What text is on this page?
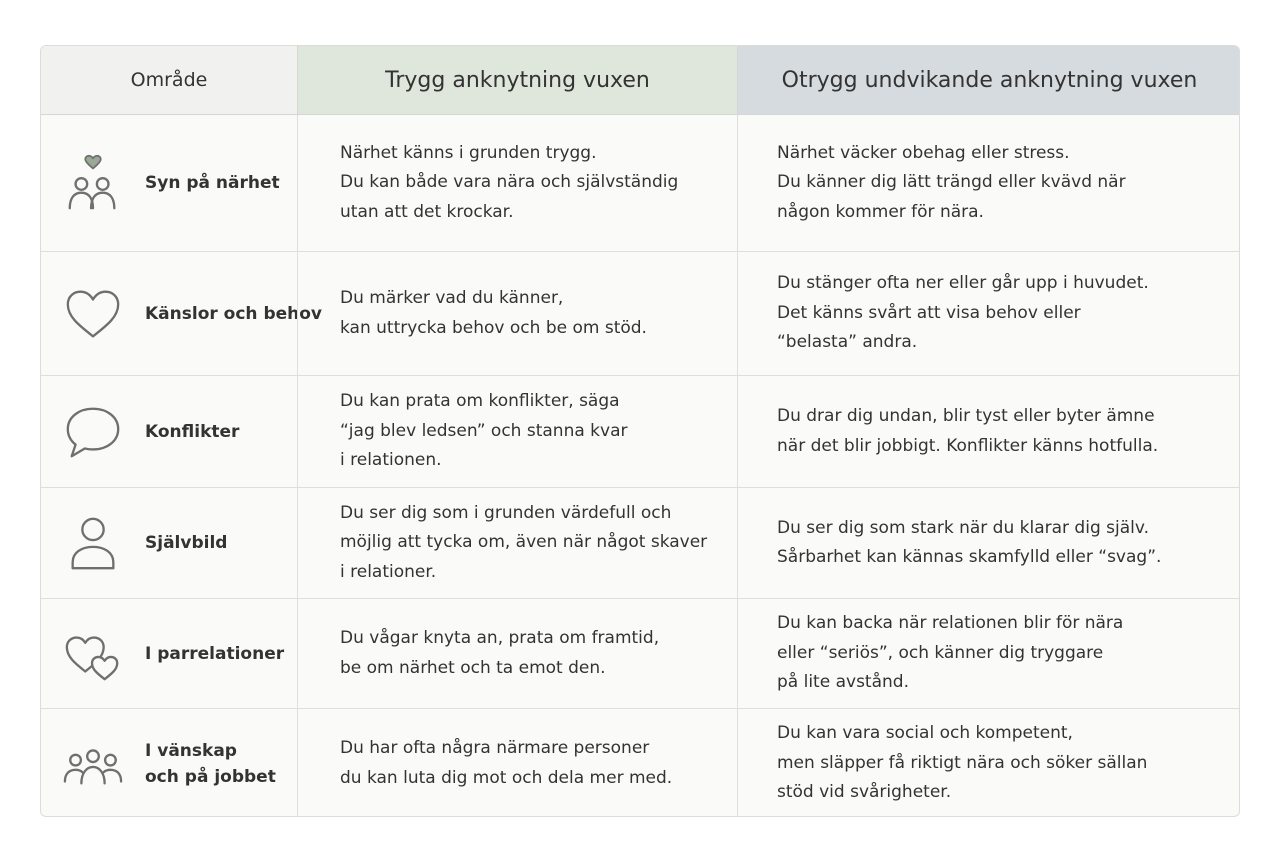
Område	Trygg anknytning vuxen	Otrygg undvikande anknytning vuxen
Syn på närhet
Närhet känns i grunden trygg.
Du kan både vara nära och självständig
utan att det krockar.
Närhet väcker obehag eller stress.
Du känner dig lätt trängd eller kvävd när
någon kommer för nära.
Känslor och behov
Du märker vad du känner,
kan uttrycka behov och be om stöd.
Du stänger ofta ner eller går upp i huvudet.
Det känns svårt att visa behov eller
“belasta” andra.
Konflikter
Du kan prata om konflikter, säga
“jag blev ledsen” och stanna kvar
i relationen.
Du drar dig undan, blir tyst eller byter ämne
när det blir jobbigt. Konflikter känns hotfulla.
Självbild
Du ser dig som i grunden värdefull och
möjlig att tycka om, även när något skaver
i relationer.
Du ser dig som stark när du klarar dig själv.
Sårbarhet kan kännas skamfylld eller “svag”.
I parrelationer
Du vågar knyta an, prata om framtid,
be om närhet och ta emot den.
Du kan backa när relationen blir för nära
eller “seriös”, och känner dig tryggare
på lite avstånd.
I vänskap
och på jobbet
Du har ofta några närmare personer
du kan luta dig mot och dela mer med.
Du kan vara social och kompetent,
men släpper få riktigt nära och söker sällan
stöd vid svårigheter.
